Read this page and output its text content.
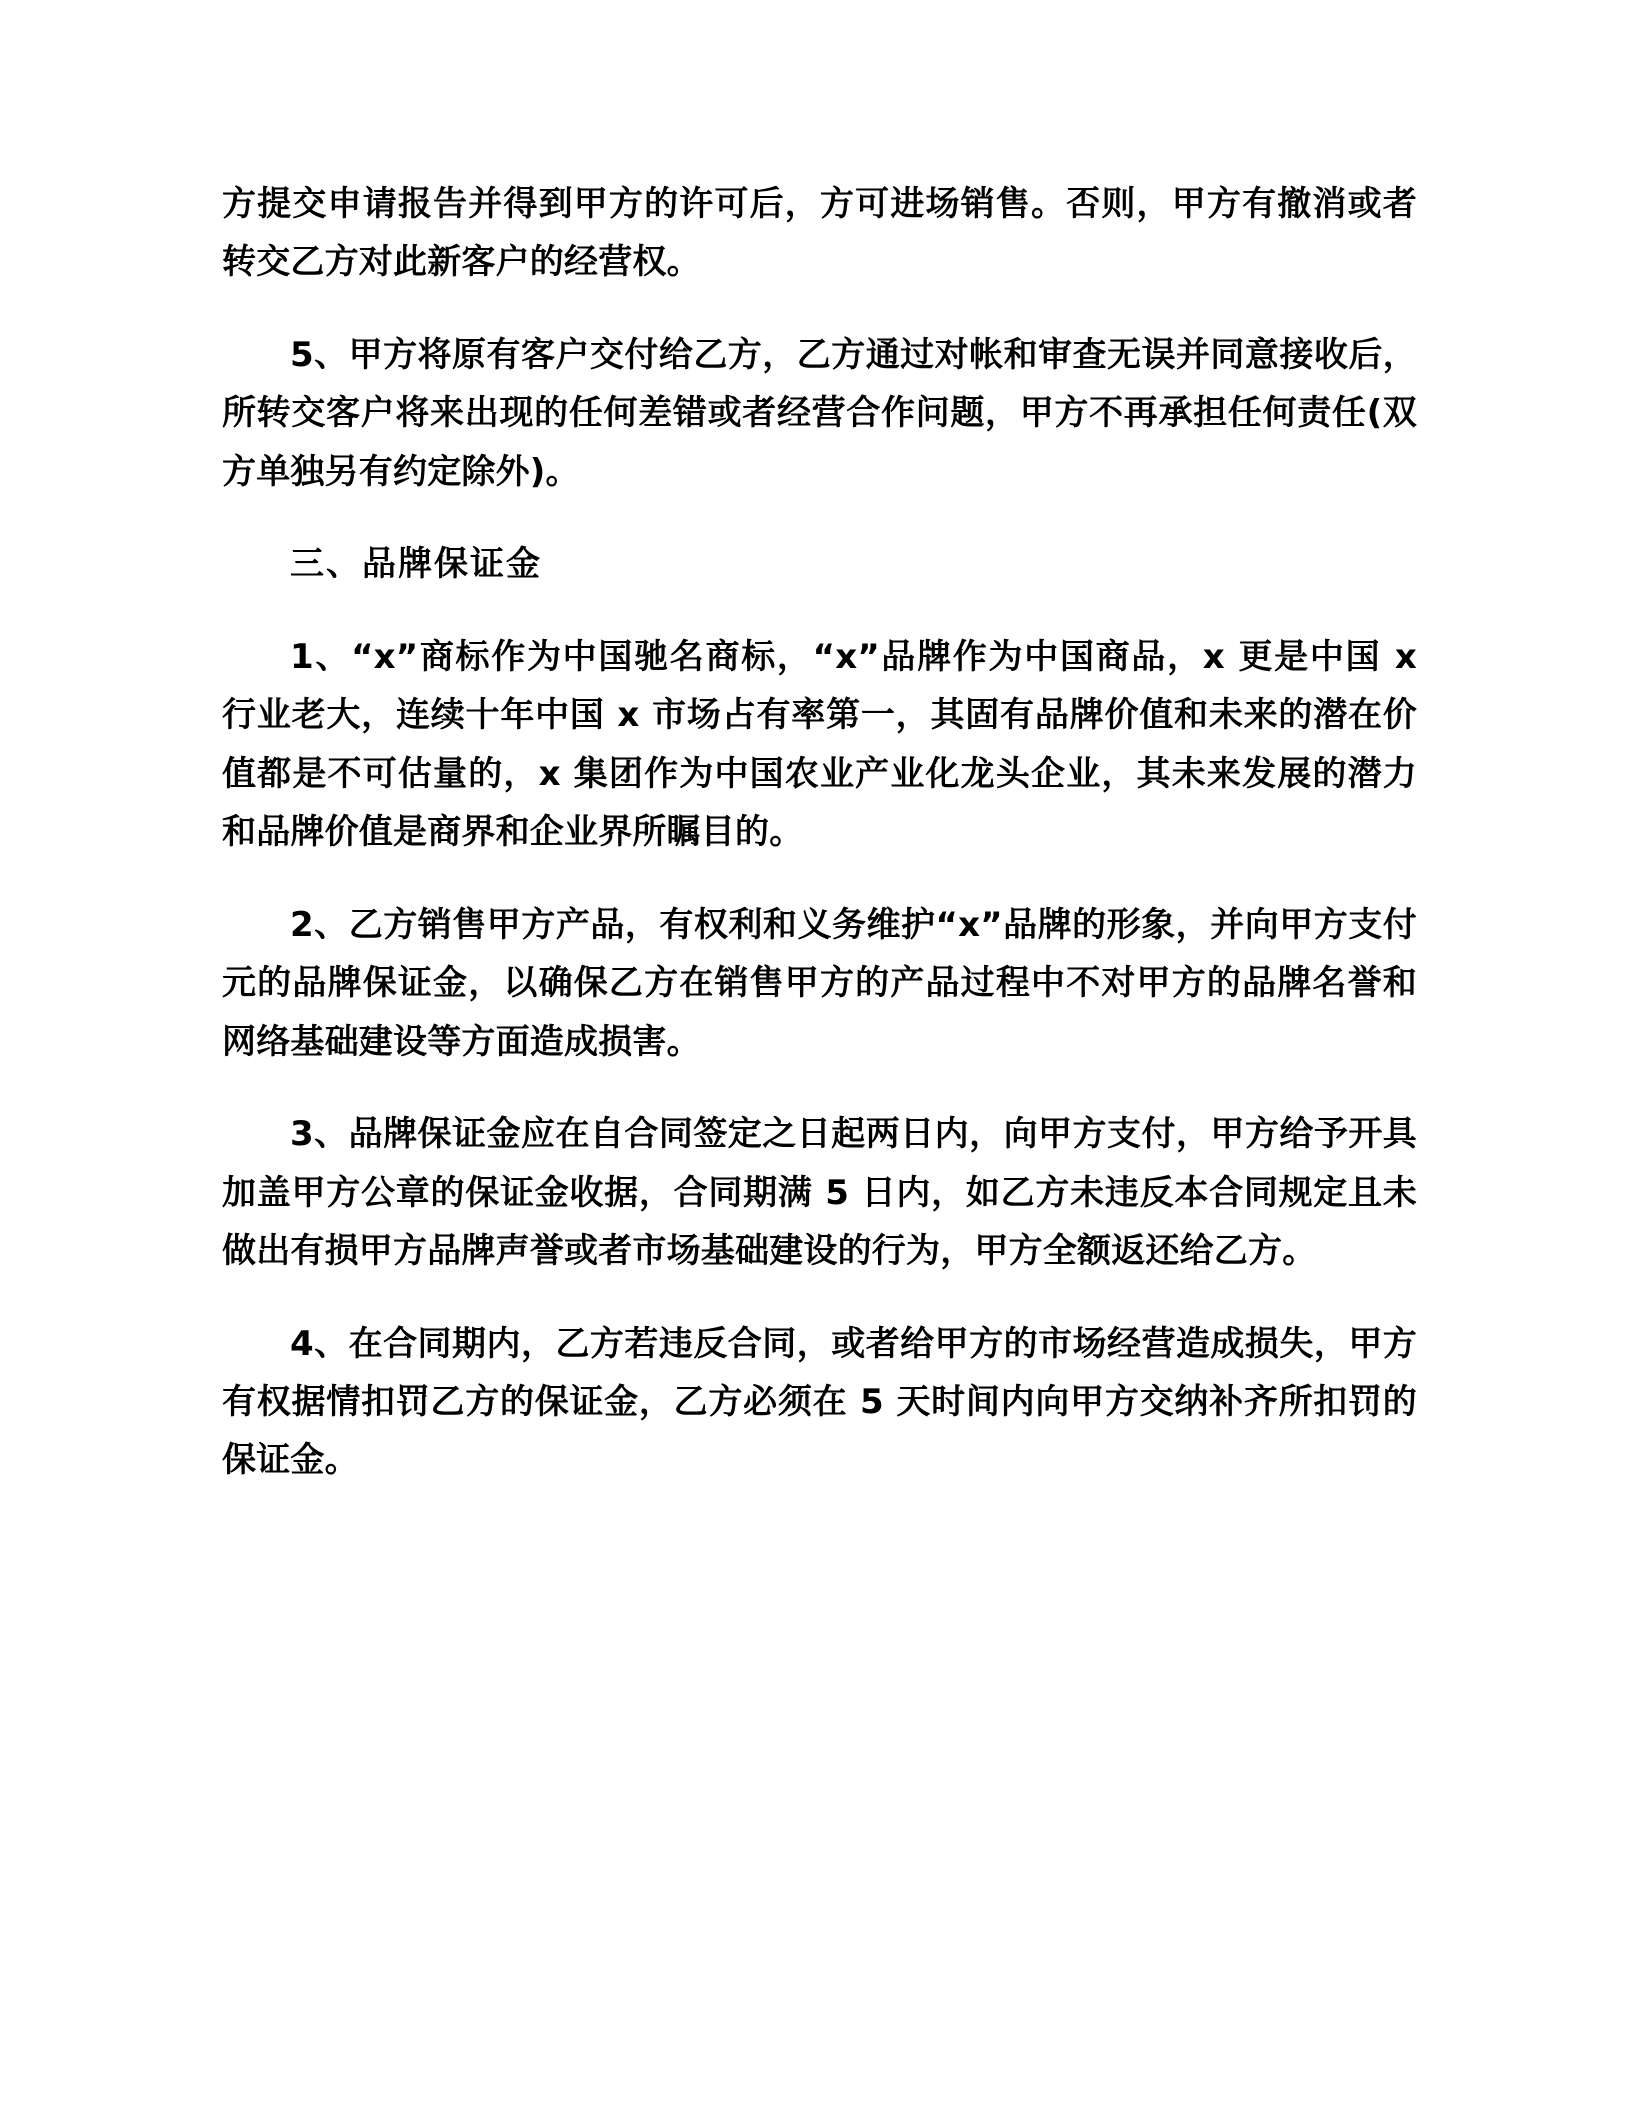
方提交申请报告并得到甲方的许可后，方可进场销售。否则，甲方有撤消或者转交乙方对此新客户的经营权。

5、甲方将原有客户交付给乙方，乙方通过对帐和审查无误并同意接收后，所转交客户将来出现的任何差错或者经营合作问题，甲方不再承担任何责任(双方单独另有约定除外)。

三、品牌保证金

1、“x”商标作为中国驰名商标，“x”品牌作为中国商品，x 更是中国 x 行业老大，连续十年中国 x 市场占有率第一，其固有品牌价值和未来的潜在价值都是不可估量的，x 集团作为中国农业产业化龙头企业，其未来发展的潜力和品牌价值是商界和企业界所瞩目的。

2、乙方销售甲方产品，有权利和义务维护“x”品牌的形象，并向甲方支付元的品牌保证金，以确保乙方在销售甲方的产品过程中不对甲方的品牌名誉和网络基础建设等方面造成损害。

3、品牌保证金应在自合同签定之日起两日内，向甲方支付，甲方给予开具加盖甲方公章的保证金收据，合同期满 5 日内，如乙方未违反本合同规定且未做出有损甲方品牌声誉或者市场基础建设的行为，甲方全额返还给乙方。

4、在合同期内，乙方若违反合同，或者给甲方的市场经营造成损失，甲方有权据情扣罚乙方的保证金，乙方必须在 5 天时间内向甲方交纳补齐所扣罚的保证金。
